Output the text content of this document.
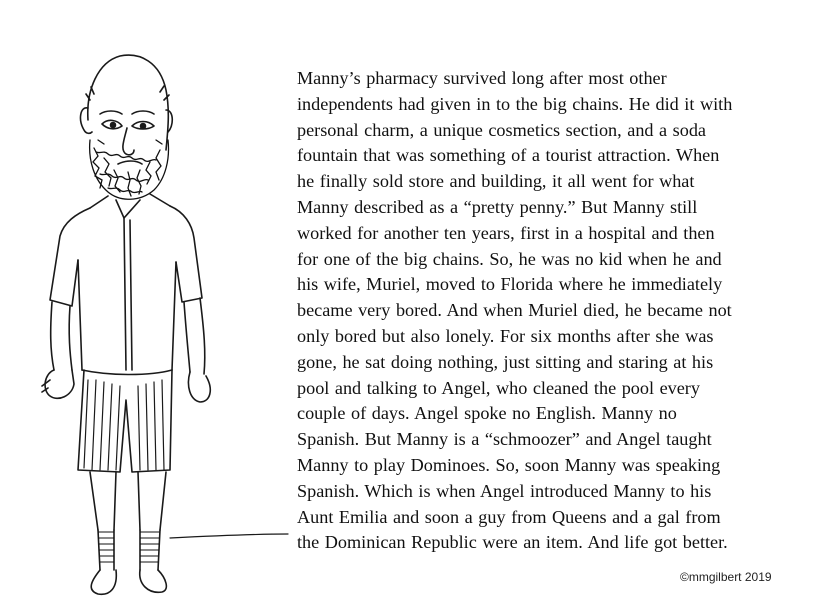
Manny’s pharmacy survived long after most other
independents had given in to the big chains. He did it with
personal charm, a unique cosmetics section, and a soda
fountain that was something of a tourist attraction. When
he finally sold store and building, it all went for what
Manny described as a “pretty penny.” But Manny still
worked for another ten years, first in a hospital and then
for one of the big chains. So, he was no kid when he and
his wife, Muriel, moved to Florida where he immediately
became very bored. And when Muriel died, he became not
only bored but also lonely. For six months after she was
gone, he sat doing nothing, just sitting and staring at his
pool and talking to Angel, who cleaned the pool every
couple of days. Angel spoke no English. Manny no
Spanish. But Manny is a “schmoozer” and Angel taught
Manny to play Dominoes. So, soon Manny was speaking
Spanish. Which is when Angel introduced Manny to his
Aunt Emilia and soon a guy from Queens and a gal from
the Dominican Republic were an item. And life got better.
©mmgilbert 2019
